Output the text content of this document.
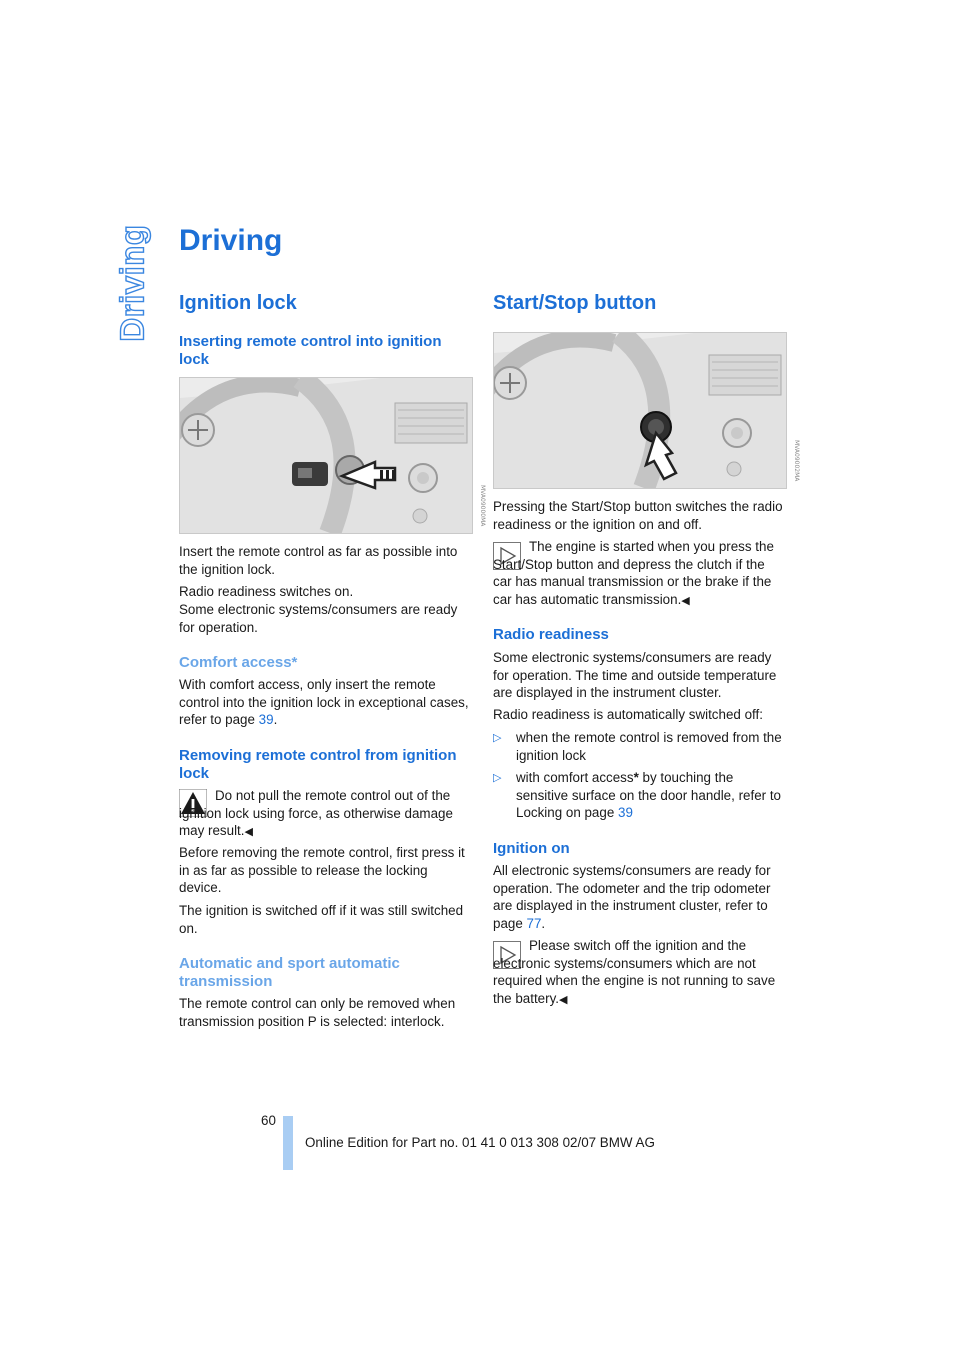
Driving Driving
Ignition lock
Inserting remote control into ignition lock
MVA09000MA
Insert the remote control as far as possible into the ignition lock.
Radio readiness switches on.
Some electronic systems/consumers are ready for operation.
Comfort access*
With comfort access, only insert the remote control into the ignition lock in exceptional cases, refer to page 39.
Removing remote control from ignition lock
Do not pull the remote control out of the ignition lock using force, as otherwise damage may result.◀
Before removing the remote control, first press it in as far as possible to release the locking device.
The ignition is switched off if it was still switched on.
Automatic and sport automatic transmission
The remote control can only be removed when transmission position P is selected: interlock.
Start/Stop button
MVA09002MA
Pressing the Start/Stop button switches the radio readiness or the ignition on and off.
The engine is started when you press the Start/Stop button and depress the clutch if the car has manual transmission or the brake if the car has automatic transmission.◀
Radio readiness
Some electronic systems/consumers are ready for operation. The time and outside temperature are displayed in the instrument cluster.
Radio readiness is automatically switched off:
▷ when the remote control is removed from the ignition lock
▷ with comfort access* by touching the sensitive surface on the door handle, refer to Locking on page 39
Ignition on
All electronic systems/consumers are ready for operation. The odometer and the trip odometer are displayed in the instrument cluster, refer to page 77.
Please switch off the ignition and the electronic systems/consumers which are not required when the engine is not running to save the battery.◀
60
Online Edition for Part no. 01 41 0 013 308 02/07 BMW AG
